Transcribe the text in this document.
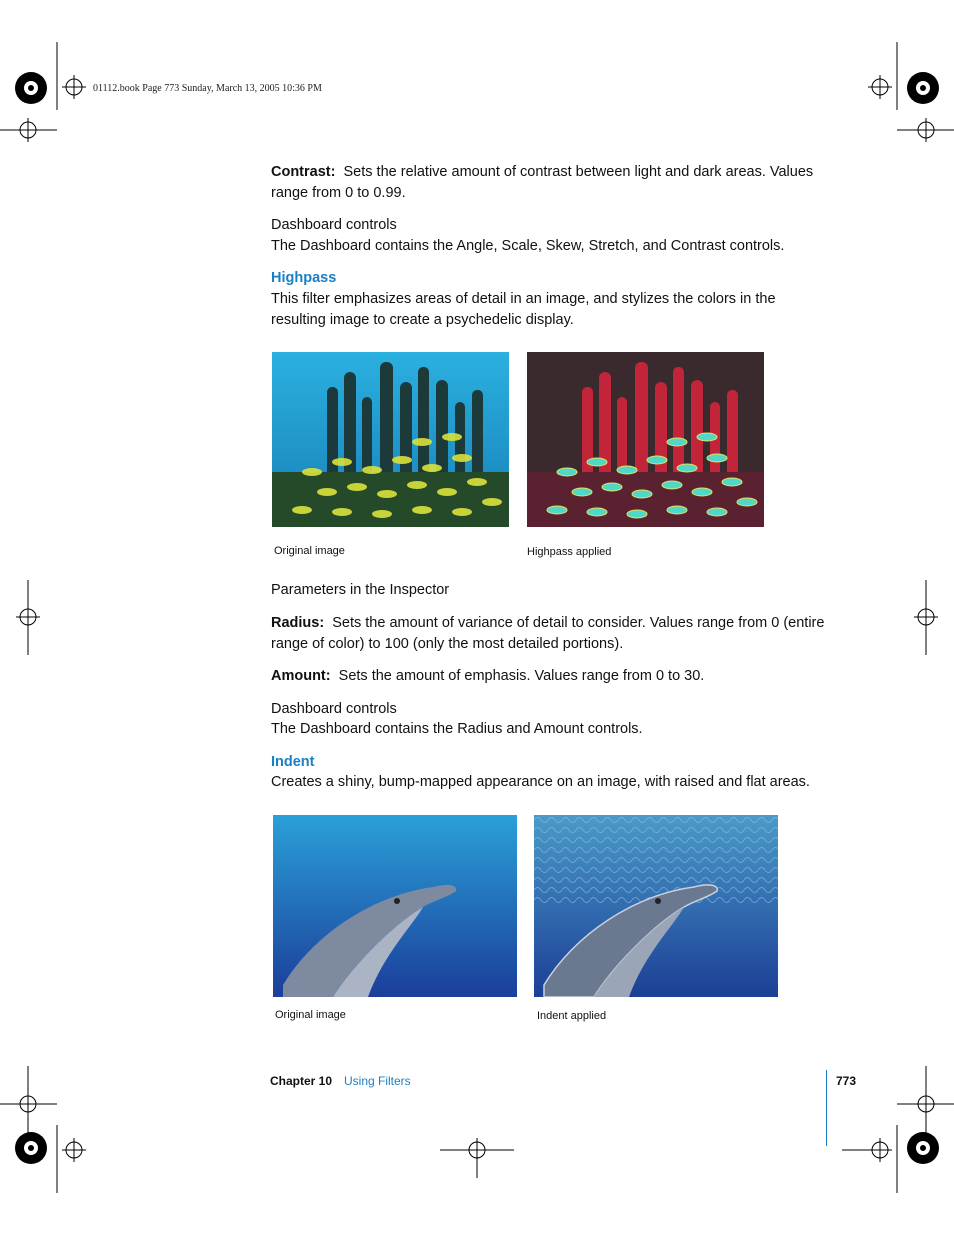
01112.book Page 773 Sunday, March 13, 2005 10:36 PM
Contrast: Sets the relative amount of contrast between light and dark areas. Values range from 0 to 0.99.
Dashboard controls
The Dashboard contains the Angle, Scale, Skew, Stretch, and Contrast controls.
Highpass
This filter emphasizes areas of detail in an image, and stylizes the colors in the resulting image to create a psychedelic display.
Original image	Highpass applied
Parameters in the Inspector
Radius: Sets the amount of variance of detail to consider. Values range from 0 (entire range of color) to 100 (only the most detailed portions).
Amount: Sets the amount of emphasis. Values range from 0 to 30.
Dashboard controls
The Dashboard contains the Radius and Amount controls.
Indent
Creates a shiny, bump-mapped appearance on an image, with raised and flat areas.
Original image	Indent applied
Chapter 10 Using Filters	773
